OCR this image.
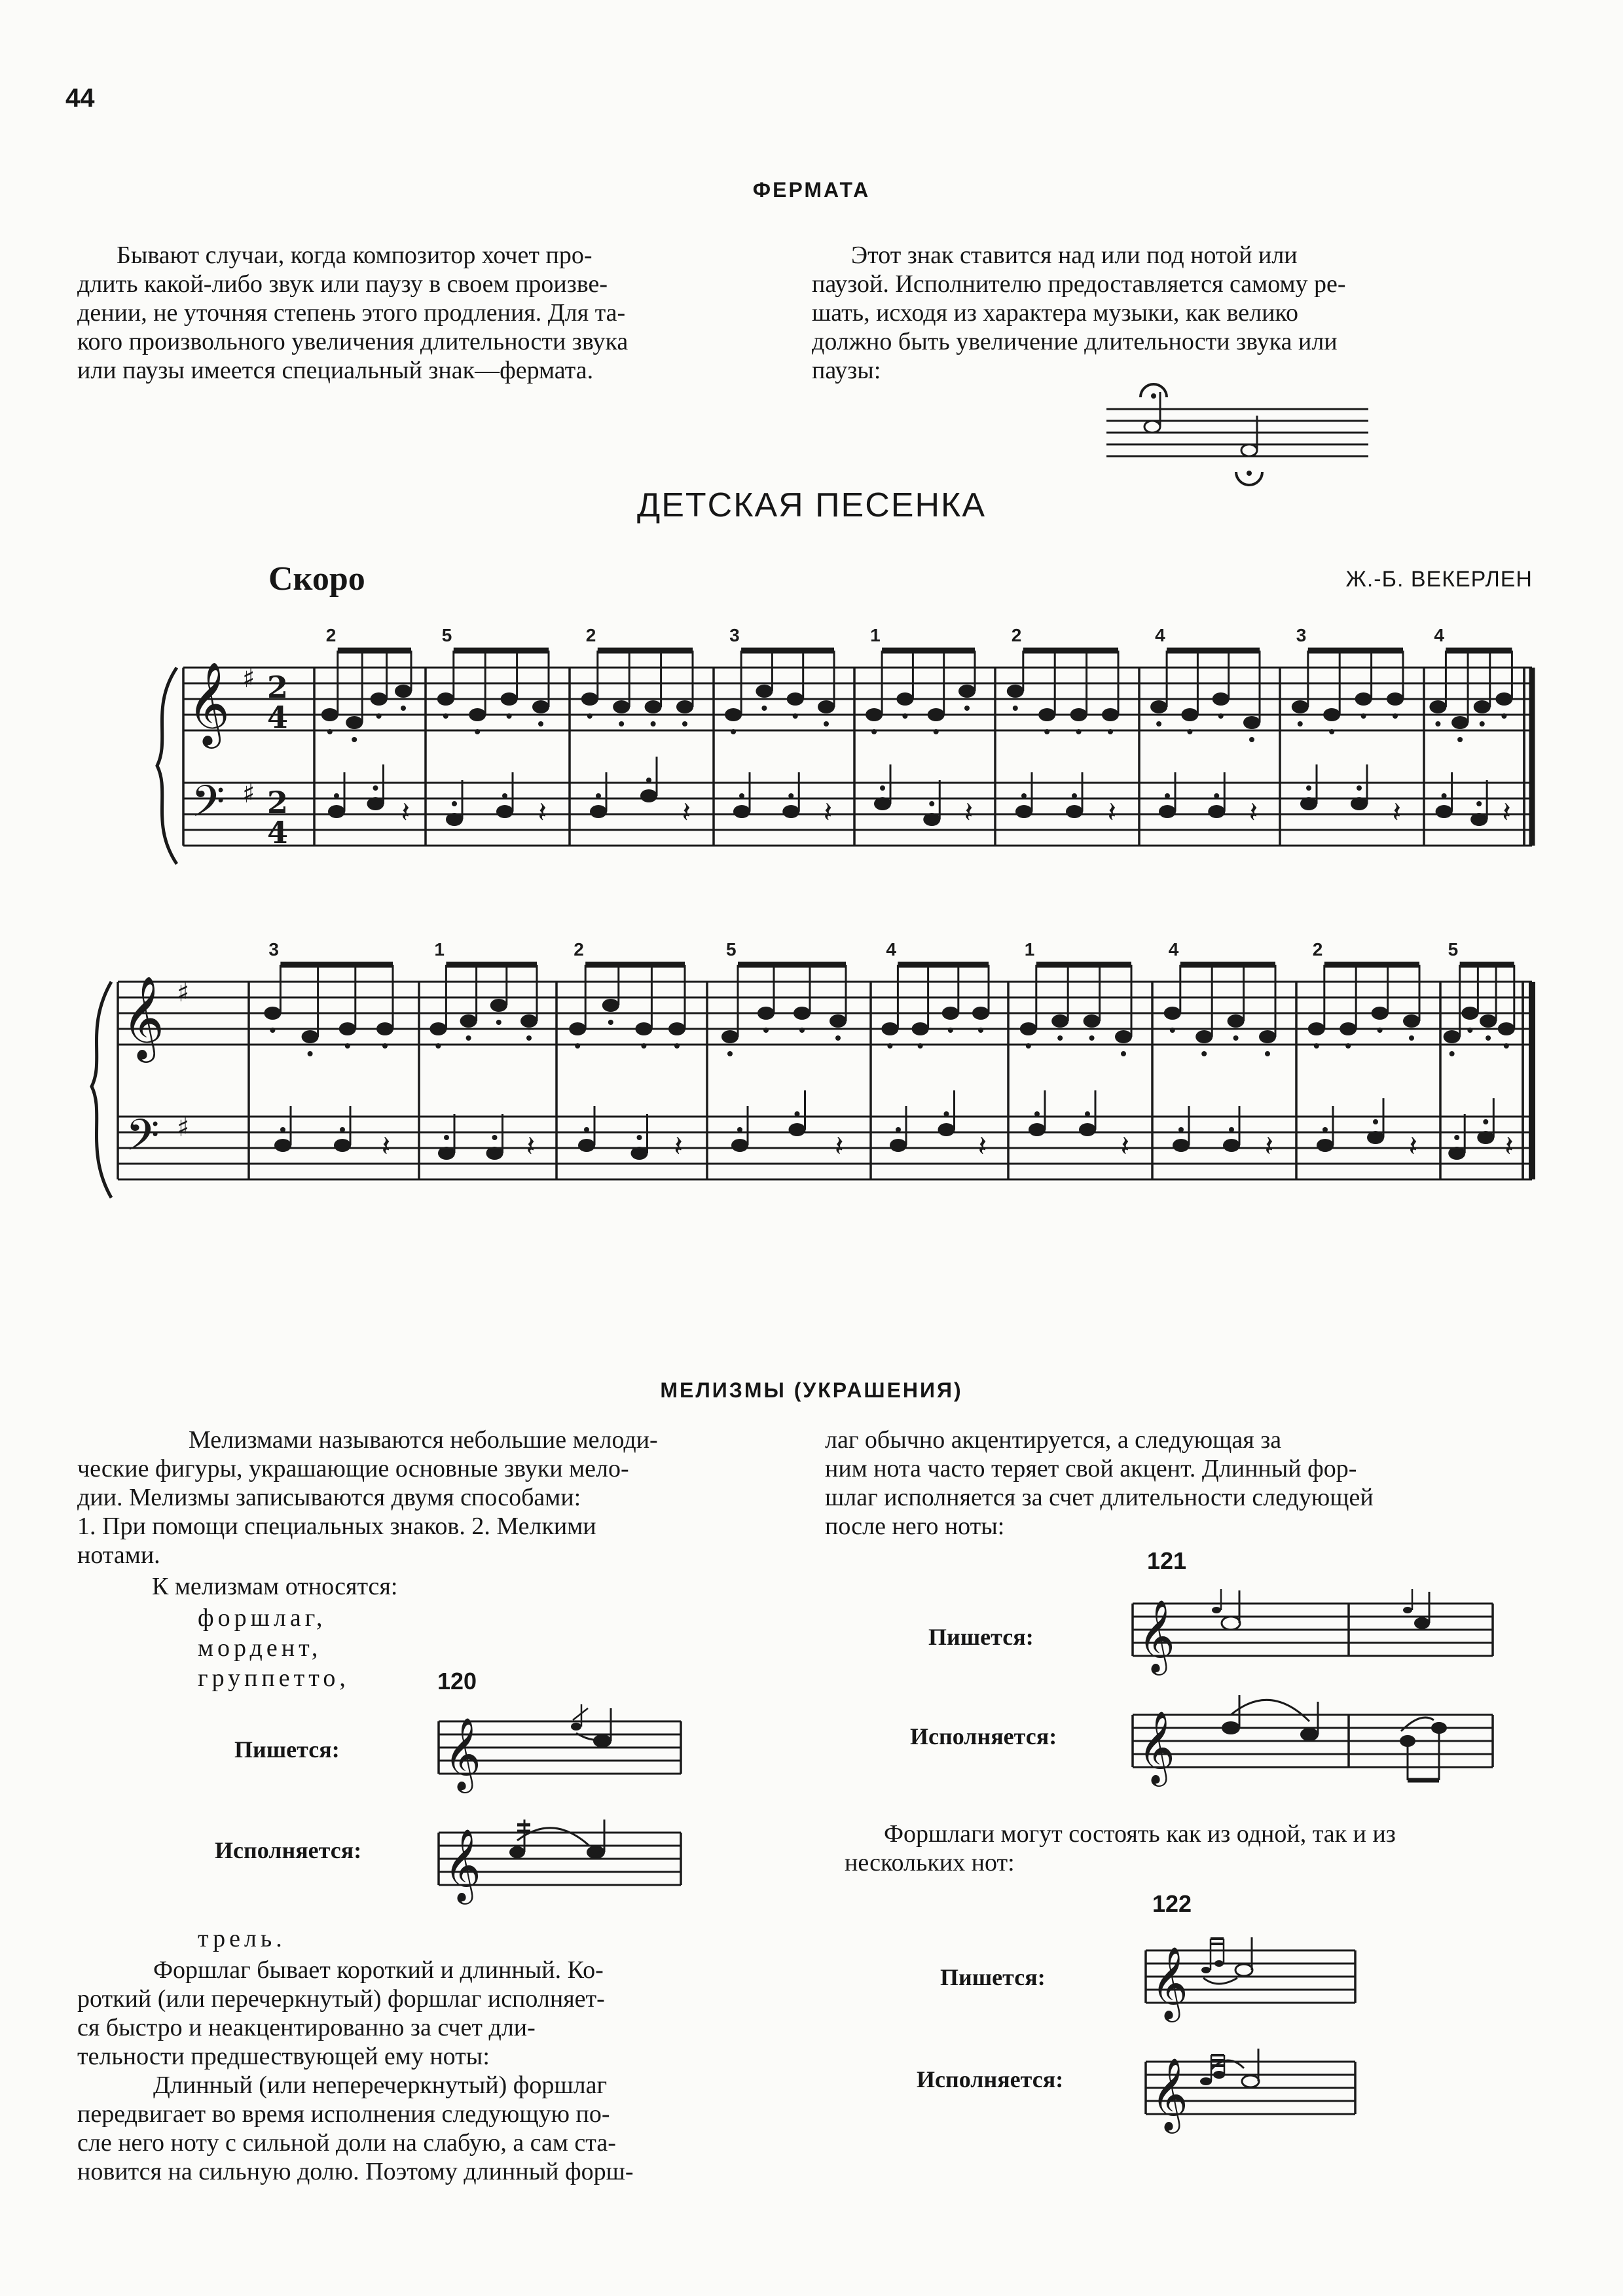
44
ФЕРМАТА

Бывают случаи, когда композитор хочет про-

длить какой-либо звук или паузу в своем произве-

дении, не уточняя степень этого продления. Для та-

кого произвольного увеличения длительности звука

или паузы имеется специальный знак—фермата.

Этот знак ставится над или под нотой или

паузой. Исполнителю предоставляется самому ре-

шать, исходя из характера музыки, как велико

должно быть увеличение длительности звука или

паузы:

ДЕТСКАЯ ПЕСЕНКА
Скоро	Ж.-Б. ВЕКЕРЛЕН
𝄞
𝄢
♯
♯
2
4
2
4
2
𝄽
5
𝄽
2
𝄽
3
𝄽
1
𝄽
2
𝄽
4
𝄽
3
𝄽
4
𝄽
𝄞
𝄢
♯
♯
3
𝄽
1
𝄽
2
𝄽
5
𝄽
4
𝄽
1
𝄽
4
𝄽
2
𝄽
5
𝄽
МЕЛИЗМЫ (УКРАШЕНИЯ)

Мелизмами называются небольшие мелоди-

ческие фигуры, украшающие основные звуки мело-

дии. Мелизмы записываются двумя способами:

1. При помощи специальных знаков. 2. Мелкими

нотами.

К мелизмам относятся:
форшлаг,
мордент,
группетто,	120
Пишется:
Исполняется:
𝄞
𝄞
трель.

Форшлаг бывает короткий и длинный. Ко-

роткий (или перечеркнутый) форшлаг исполняет-

ся быстро и неакцентированно за счет дли-

тельности предшествующей ему ноты:

Длинный (или неперечеркнутый) форшлаг

передвигает во время исполнения следующую по-

сле него ноту с сильной доли на слабую, а сам ста-

новится на сильную долю. Поэтому длинный форш-

лаг обычно акцентируется, а следующая за

ним нота часто теряет свой акцент. Длинный фор-

шлаг исполняется за счет длительности следующей

после него ноты:

121
Пишется:
Исполняется:
𝄞
𝄞

Форшлаги могут состоять как из одной, так и из

нескольких нот:

122
Пишется:
Исполняется:
𝄞
𝄞
